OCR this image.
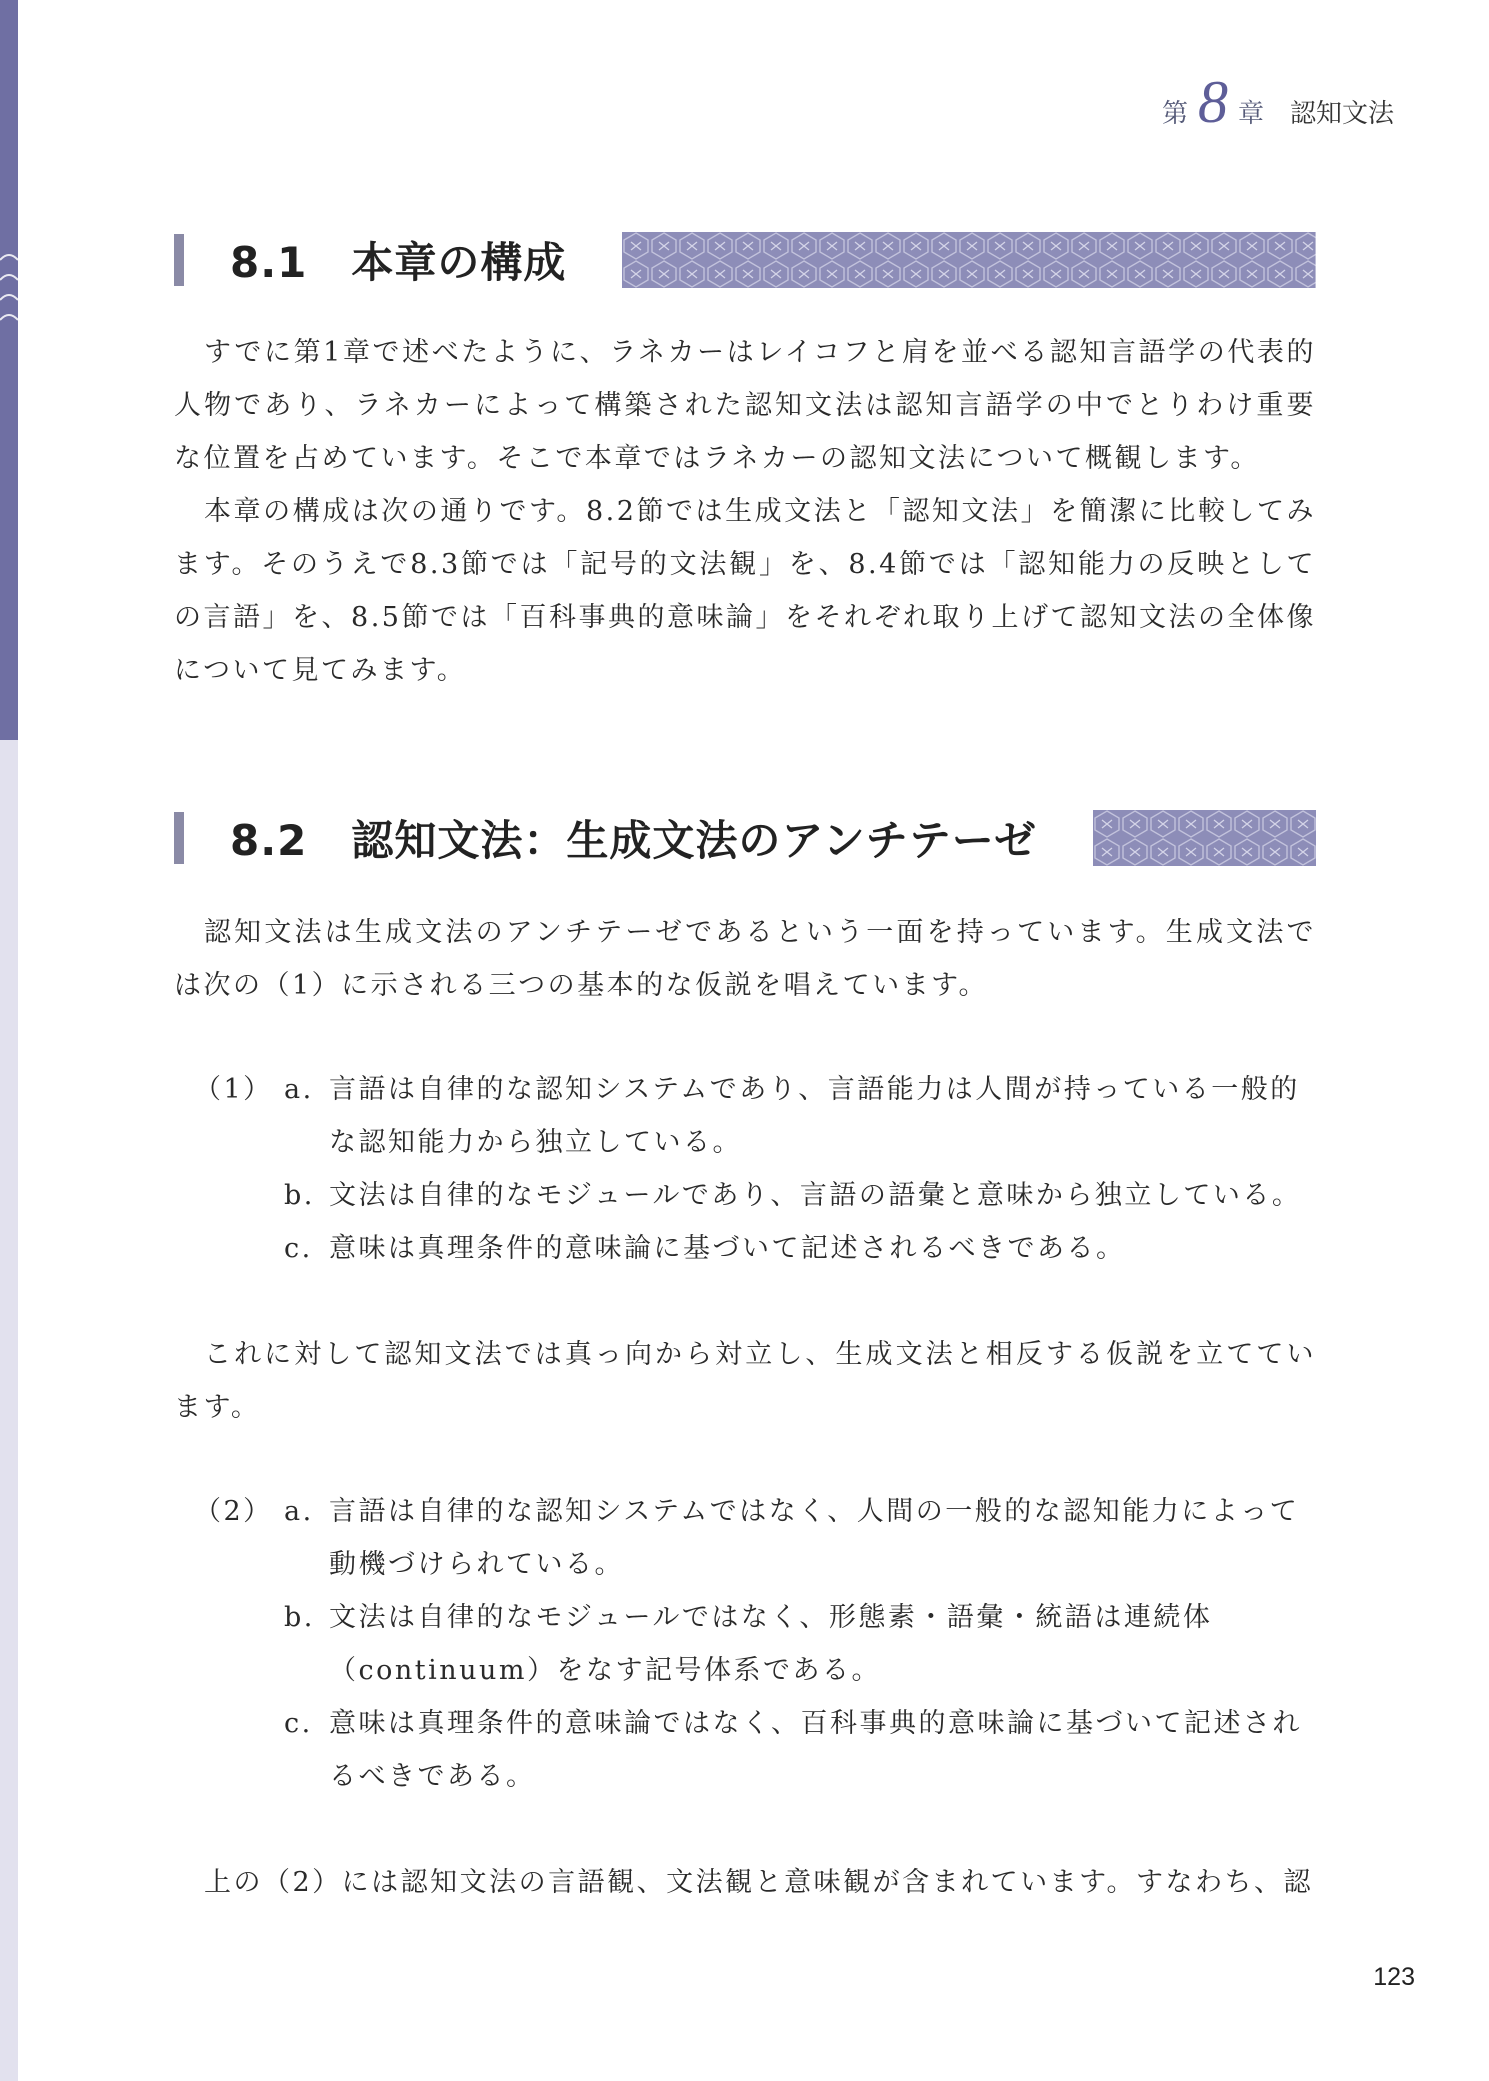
第 8 章 認知文法
8.1 本章の構成

すでに第1章で述べたように、ラネカーはレイコフと肩を並べる認知言語学の代表的人物であり、ラネカーによって構築された認知文法は認知言語学の中でとりわけ重要な位置を占めています。そこで本章ではラネカーの認知文法について概観します。

本章の構成は次の通りです。8.2節では生成文法と「認知文法」を簡潔に比較してみます。そのうえで8.3節では「記号的文法観」を、8.4節では「認知能力の反映としての言語」を、8.5節では「百科事典的意味論」をそれぞれ取り上げて認知文法の全体像について見てみます。

8.2 認知文法：生成文法のアンチテーゼ

認知文法は生成文法のアンチテーゼであるという一面を持っています。生成文法では次の（1）に示される三つの基本的な仮説を唱えています。

（1） a. 言語は自律的な認知システムであり、言語能力は人間が持っている一般的な認知能力から独立している。
b. 文法は自律的なモジュールであり、言語の語彙と意味から独立している。
c. 意味は真理条件的意味論に基づいて記述されるべきである。

これに対して認知文法では真っ向から対立し、生成文法と相反する仮説を立てています。

（2） a. 言語は自律的な認知システムではなく、人間の一般的な認知能力によって動機づけられている。
b. 文法は自律的なモジュールではなく、形態素・語彙・統語は連続体（continuum）をなす記号体系である。
c. 意味は真理条件的意味論ではなく、百科事典的意味論に基づいて記述されるべきである。

上の（2）には認知文法の言語観、文法観と意味観が含まれています。すなわち、認

123
